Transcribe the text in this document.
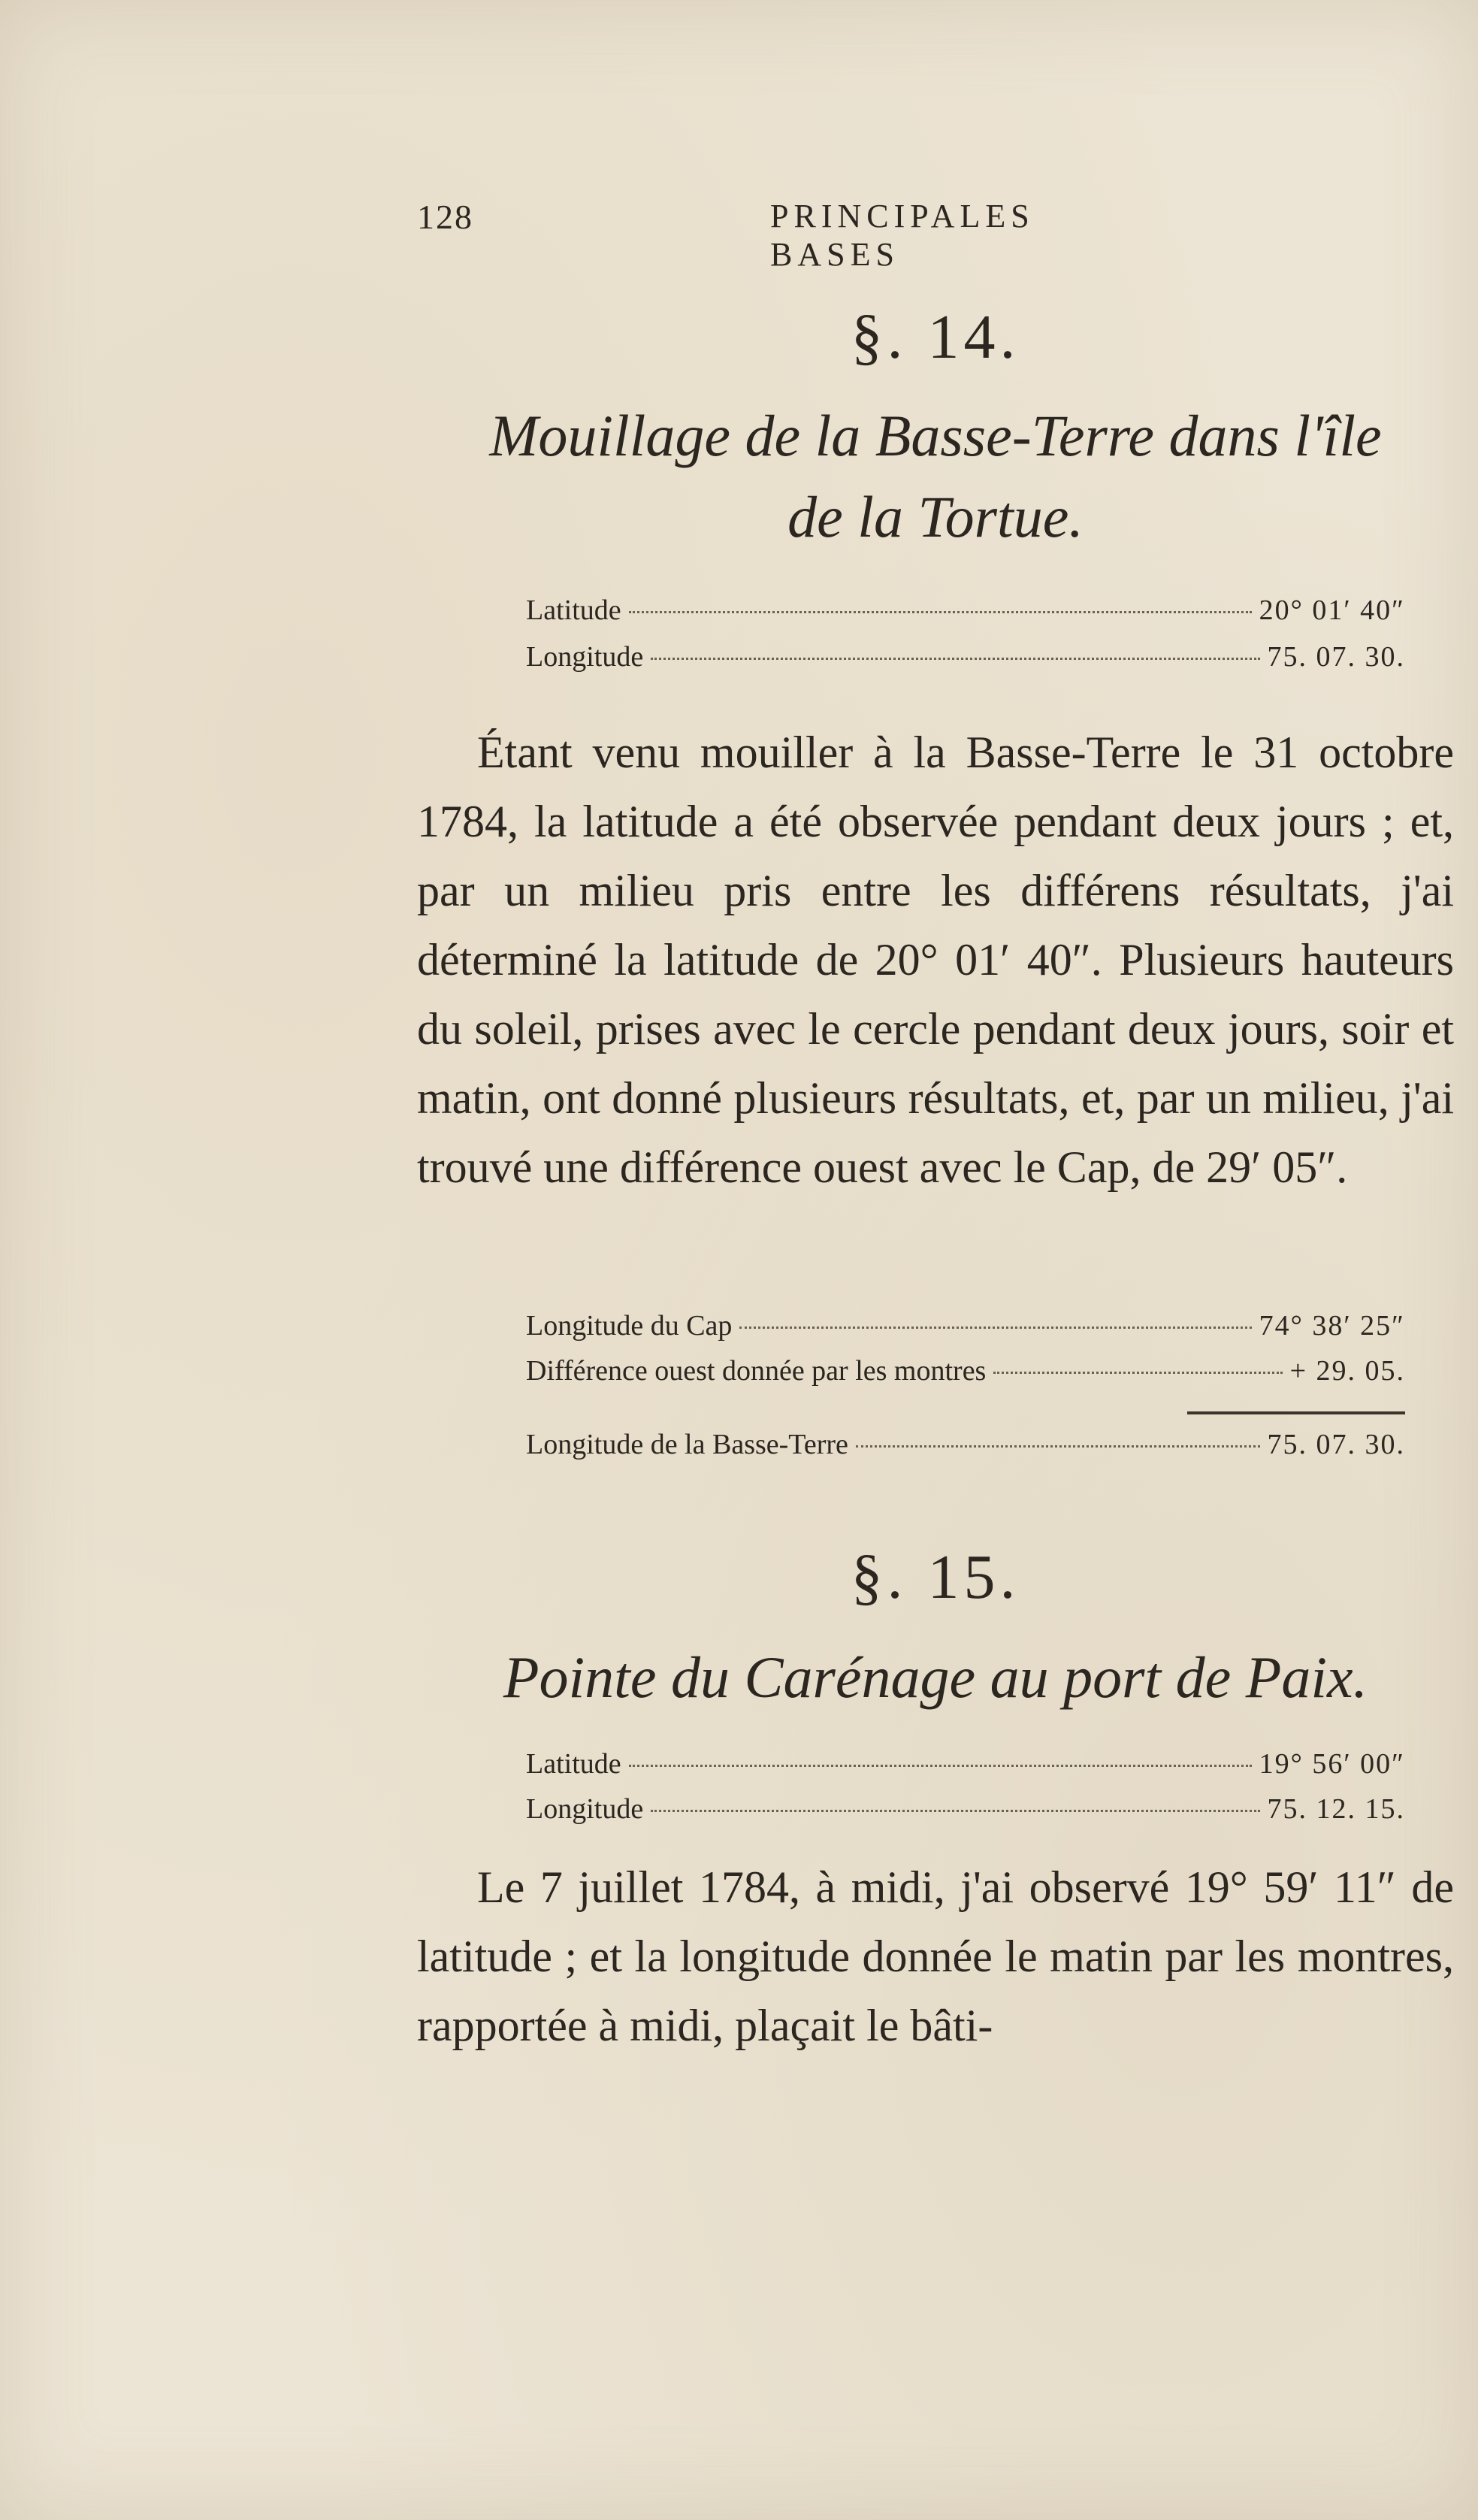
128	PRINCIPALES BASES
§. 14.
Mouillage de la Basse-Terre dans l'île
de la Tortue.
Latitude	20° 01′ 40″
Longitude	75. 07. 30.

Étant venu mouiller à la Basse-Terre le 31 octobre 1784, la latitude a été observée pendant deux jours ; et, par un milieu pris entre les différens résultats, j'ai déterminé la latitude de 20° 01′ 40″. Plusieurs hauteurs du soleil, prises avec le cercle pendant deux jours, soir et matin, ont donné plusieurs résultats, et, par un milieu, j'ai trouvé une différence ouest avec le Cap, de 29′ 05″.

Longitude du Cap	74° 38′ 25″
Différence ouest donnée par les montres	+ 29. 05.
Longitude de la Basse-Terre	75. 07. 30.
§. 15.
Pointe du Carénage au port de Paix.
Latitude	19° 56′ 00″
Longitude	75. 12. 15.

Le 7 juillet 1784, à midi, j'ai observé 19° 59′ 11″ de latitude ; et la longitude donnée le matin par les montres, rapportée à midi, plaçait le bâti-
